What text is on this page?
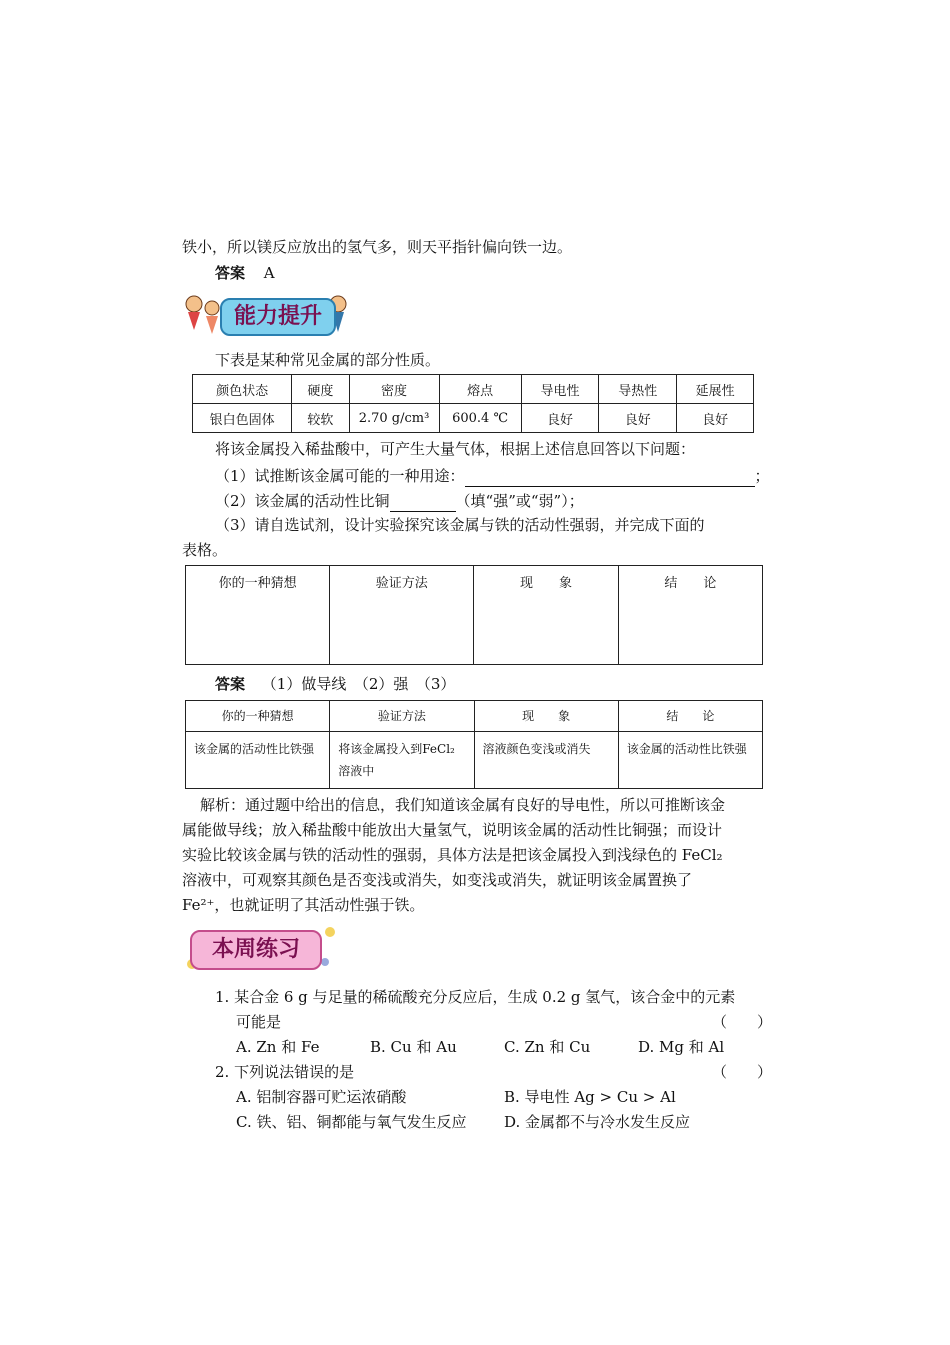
铁小，所以镁反应放出的氢气多，则天平指针偏向铁一边。
答案 A
能力提升
下表是某种常见金属的部分性质。
颜色状态	硬度	密度	熔点	导电性	导热性	延展性
银白色固体	较软	2.70 g/cm³	600.4 ℃	良好	良好	良好
将该金属投入稀盐酸中，可产生大量气体，根据上述信息回答以下问题：
（1）试推断该金属可能的一种用途：	；
（2）该金属的活动性比铜	（填“强”或“弱”）；
（3）请自选试剂，设计实验探究该金属与铁的活动性强弱，并完成下面的
表格。
你的一种猜想	验证方法	现　　象	结　　论
答案 （1）做导线　（2）强　（3）
你的一种猜想	验证方法	现　　象	结　　论
该金属的活动性比铁强	将该金属投入到FeCl₂溶液中	溶液颜色变浅或消失	该金属的活动性比铁强
解析：通过题中给出的信息，我们知道该金属有良好的导电性，所以可推断该金
属能做导线；放入稀盐酸中能放出大量氢气，说明该金属的活动性比铜强；而设计
实验比较该金属与铁的活动性的强弱，具体方法是把该金属投入到浅绿色的 FeCl₂
溶液中，可观察其颜色是否变浅或消失，如变浅或消失，就证明该金属置换了
Fe²⁺，也就证明了其活动性强于铁。
本周练习
1. 某合金 6 g 与足量的稀硫酸充分反应后，生成 0.2 g 氢气，该合金中的元素
可能是	（　　）
A. Zn 和 Fe	B. Cu 和 Au	C. Zn 和 Cu	D. Mg 和 Al
2. 下列说法错误的是	（　　）
A. 铝制容器可贮运浓硝酸	B. 导电性 Ag > Cu > Al
C. 铁、铝、铜都能与氧气发生反应	D. 金属都不与冷水发生反应
